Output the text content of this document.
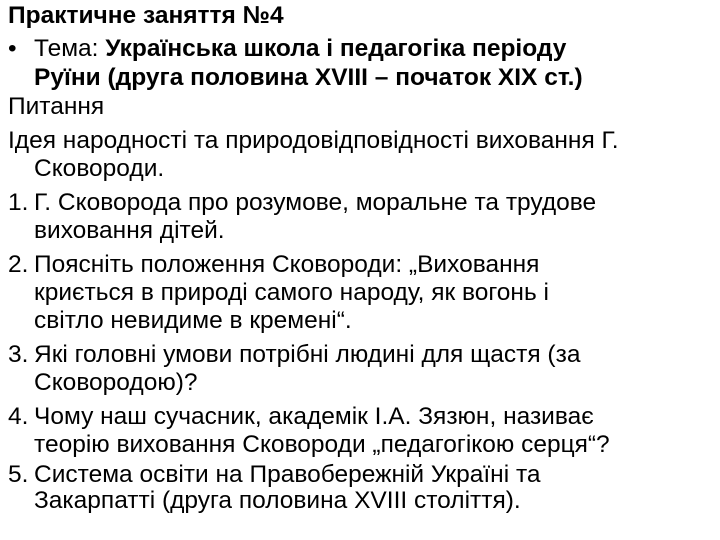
Практичне заняття №4
• Тема: Українська школа і педагогіка періоду
Руїни (друга половина XVIII – початок XIX ст.)
Питання
Ідея народності та природовідповідності виховання Г.
Сковороди.
1. Г. Сковорода про розумове, моральне та трудове
виховання дітей.
2. Поясніть положення Сковороди: „Виховання
криється в природі самого народу, як вогонь і
світло невидиме в кремені“.
3. Які головні умови потрібні людині для щастя (за
Сковородою)?
4. Чому наш сучасник, академік І.А. Зязюн, називає
теорію виховання Сковороди „педагогікою серця“?
5. Система освіти на Правобережній Україні та
Закарпатті (друга половина XVIII століття).
